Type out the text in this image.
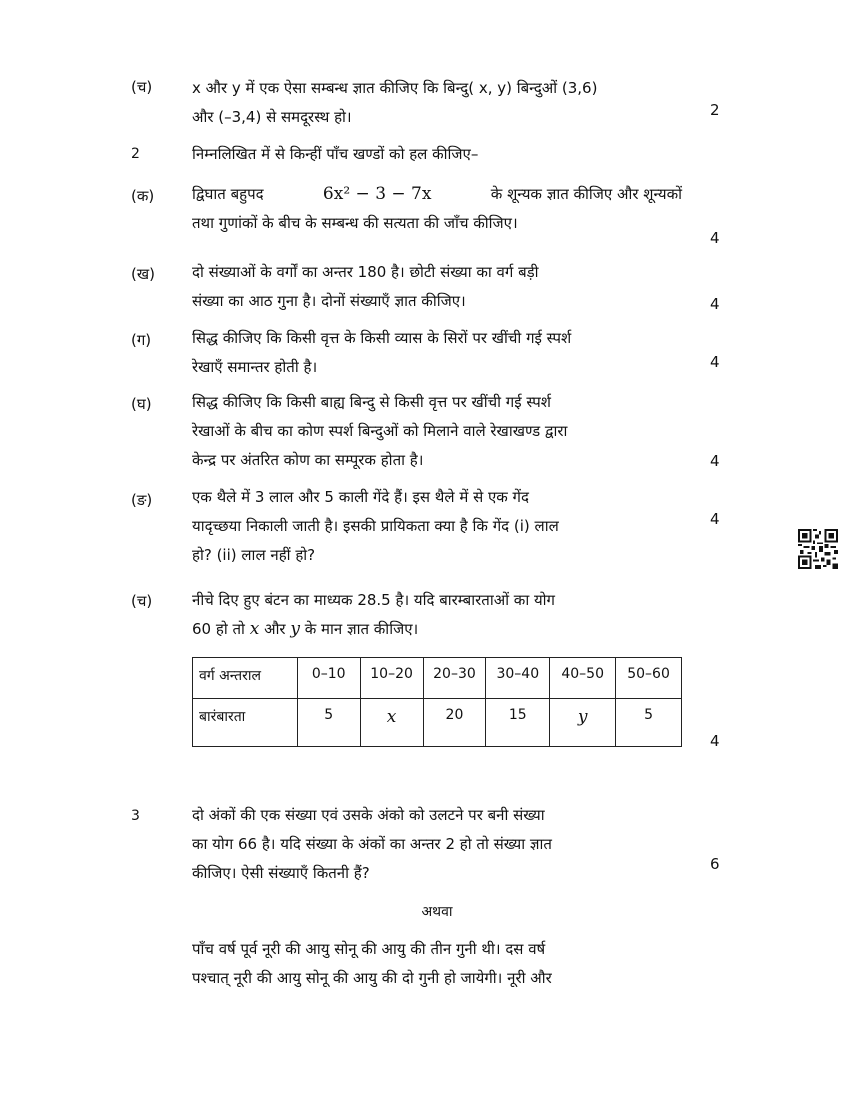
(च)	x और y में एक ऐसा सम्बन्ध ज्ञात कीजिए कि बिन्दु( x, y) बिन्दुओं (3,6)
और (–3,4) से समदूरस्थ हो।	2
2	निम्नलिखित में से किन्हीं पाँच खण्डों को हल कीजिए–
(क)	द्विघात बहुपद	6x² − 3 − 7x	के शून्यक ज्ञात कीजिए और शून्यकों
तथा गुणांकों के बीच के सम्बन्ध की सत्यता की जाँच कीजिए।
4
(ख) दो संख्याओं के वर्गों का अन्तर 180 है। छोटी संख्या का वर्ग बड़ी
संख्या का आठ गुना है। दोनों संख्याएँ ज्ञात कीजिए।	4
(ग)	सिद्ध कीजिए कि किसी वृत्त के किसी व्यास के सिरों पर खींची गई स्पर्श
रेखाएँ समान्तर होती है।	4
(घ)	सिद्ध कीजिए कि किसी बाह्य बिन्दु से किसी वृत्त पर खींची गई स्पर्श
रेखाओं के बीच का कोण स्पर्श बिन्दुओं को मिलाने वाले रेखाखण्ड द्वारा
केन्द्र पर अंतरित कोण का सम्पूरक होता है।	4
(ङ)	एक थैले में 3 लाल और 5 काली गेंदे हैं। इस थैले में से एक गेंद
यादृच्छया निकाली जाती है। इसकी प्रायिकता क्या है कि गेंद (i) लाल
हो? (ii) लाल नहीं हो?
4
(च)	नीचे दिए हुए बंटन का माध्यक 28.5 है। यदि बारम्बारताओं का योग
60 हो तो x और y के मान ज्ञात कीजिए।
वर्ग अन्तराल	0–10	10–20	20–30	30–40	40–50	50–60
बारंबारता	5	x	20	15	y	5
4
3	दो अंकों की एक संख्या एवं उसके अंको को उलटने पर बनी संख्या
का योग 66 है। यदि संख्या के अंकों का अन्तर 2 हो तो संख्या ज्ञात
कीजिए। ऐसी संख्याएँ कितनी हैं?	6
अथवा
पाँच वर्ष पूर्व नूरी की आयु सोनू की आयु की तीन गुनी थी। दस वर्ष
पश्चात् नूरी की आयु सोनू की आयु की दो गुनी हो जायेगी। नूरी और
